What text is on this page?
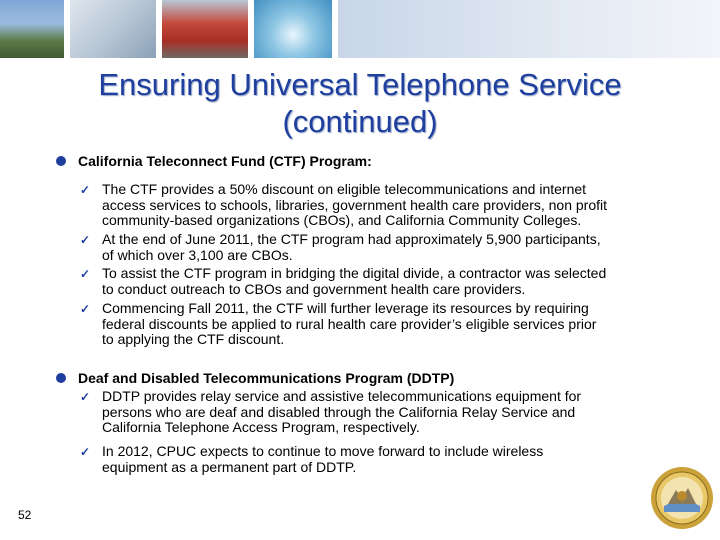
Ensuring Universal Telephone Service
(continued)
California Teleconnect Fund (CTF) Program:
✓ The CTF provides a 50% discount on eligible telecommunications and internet
access services to schools, libraries, government health care providers, non profit
community-based organizations (CBOs), and California Community Colleges.
✓ At the end of June 2011, the CTF program had approximately 5,900 participants,
of which over 3,100 are CBOs.
✓ To assist the CTF program in bridging the digital divide, a contractor was selected
to conduct outreach to CBOs and government health care providers.
✓ Commencing Fall 2011, the CTF will further leverage its resources by requiring
federal discounts be applied to rural health care provider’s eligible services prior
to applying the CTF discount.
Deaf and Disabled Telecommunications Program (DDTP)
✓ DDTP provides relay service and assistive telecommunications equipment for
persons who are deaf and disabled through the California Relay Service and
California Telephone Access Program, respectively.
✓ In 2012, CPUC expects to continue to move forward to include wireless
equipment as a permanent part of DDTP.
52
